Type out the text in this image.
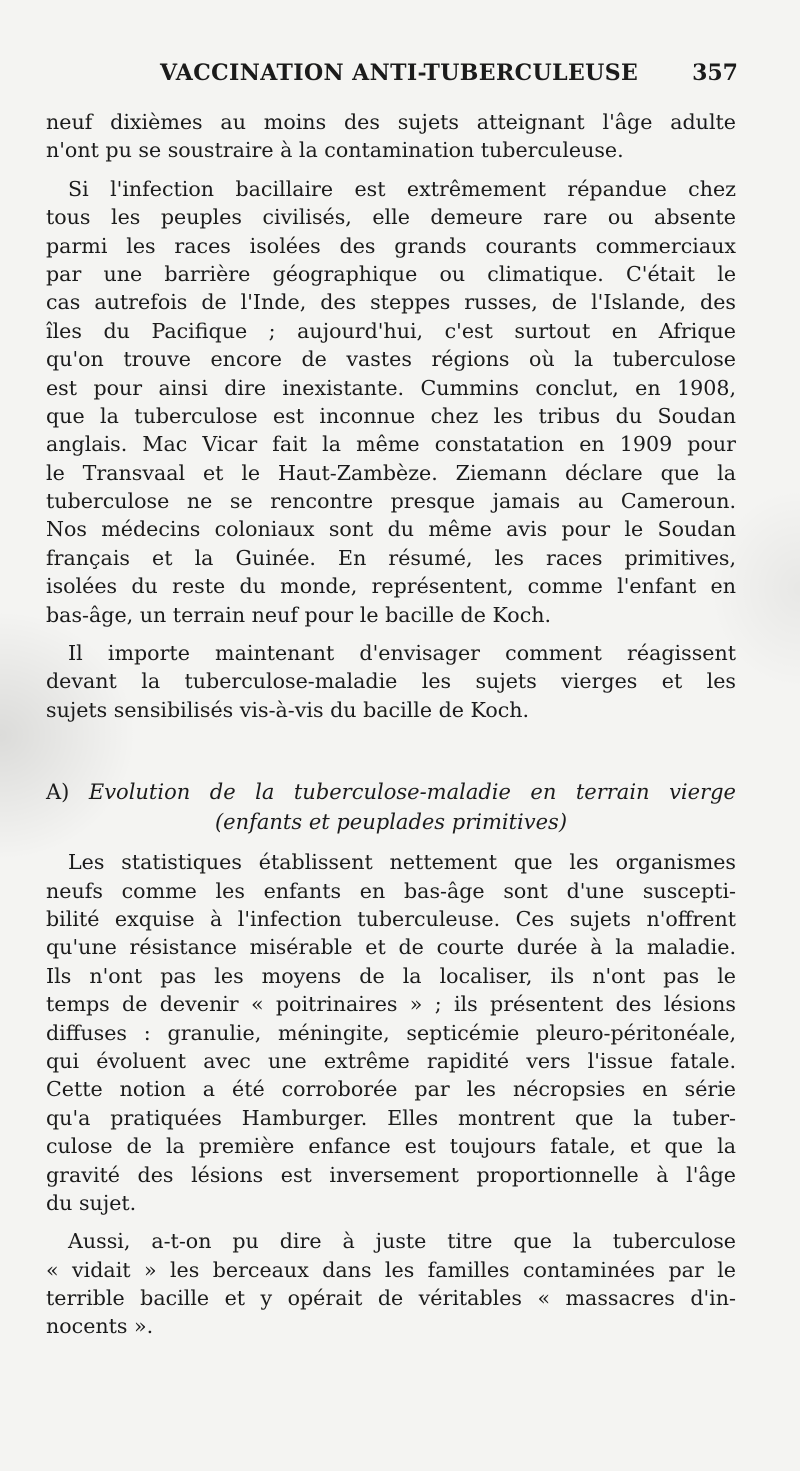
VACCINATION ANTI-TUBERCULEUSE 357
neuf dixièmes au moins des sujets atteignant l'âge adulte
n'ont pu se soustraire à la contamination tuberculeuse.
Si l'infection bacillaire est extrêmement répandue chez
tous les peuples civilisés, elle demeure rare ou absente
parmi les races isolées des grands courants commerciaux
par une barrière géographique ou climatique. C'était le
cas autrefois de l'Inde, des steppes russes, de l'Islande, des
îles du Pacifique ; aujourd'hui, c'est surtout en Afrique
qu'on trouve encore de vastes régions où la tuberculose
est pour ainsi dire inexistante. Cummins conclut, en 1908,
que la tuberculose est inconnue chez les tribus du Soudan
anglais. Mac Vicar fait la même constatation en 1909 pour
le Transvaal et le Haut-Zambèze. Ziemann déclare que la
tuberculose ne se rencontre presque jamais au Cameroun.
Nos médecins coloniaux sont du même avis pour le Soudan
français et la Guinée. En résumé, les races primitives,
isolées du reste du monde, représentent, comme l'enfant en
bas-âge, un terrain neuf pour le bacille de Koch.
Il importe maintenant d'envisager comment réagissent
devant la tuberculose-maladie les sujets vierges et les
sujets sensibilisés vis-à-vis du bacille de Koch.
A) Evolution de la tuberculose-maladie en terrain vierge
(enfants et peuplades primitives)
Les statistiques établissent nettement que les organismes
neufs comme les enfants en bas-âge sont d'une suscepti-
bilité exquise à l'infection tuberculeuse. Ces sujets n'offrent
qu'une résistance misérable et de courte durée à la maladie.
Ils n'ont pas les moyens de la localiser, ils n'ont pas le
temps de devenir « poitrinaires » ; ils présentent des lésions
diffuses : granulie, méningite, septicémie pleuro-péritonéale,
qui évoluent avec une extrême rapidité vers l'issue fatale.
Cette notion a été corroborée par les nécropsies en série
qu'a pratiquées Hamburger. Elles montrent que la tuber-
culose de la première enfance est toujours fatale, et que la
gravité des lésions est inversement proportionnelle à l'âge
du sujet.
Aussi, a-t-on pu dire à juste titre que la tuberculose
« vidait » les berceaux dans les familles contaminées par le
terrible bacille et y opérait de véritables « massacres d'in-
nocents ».
